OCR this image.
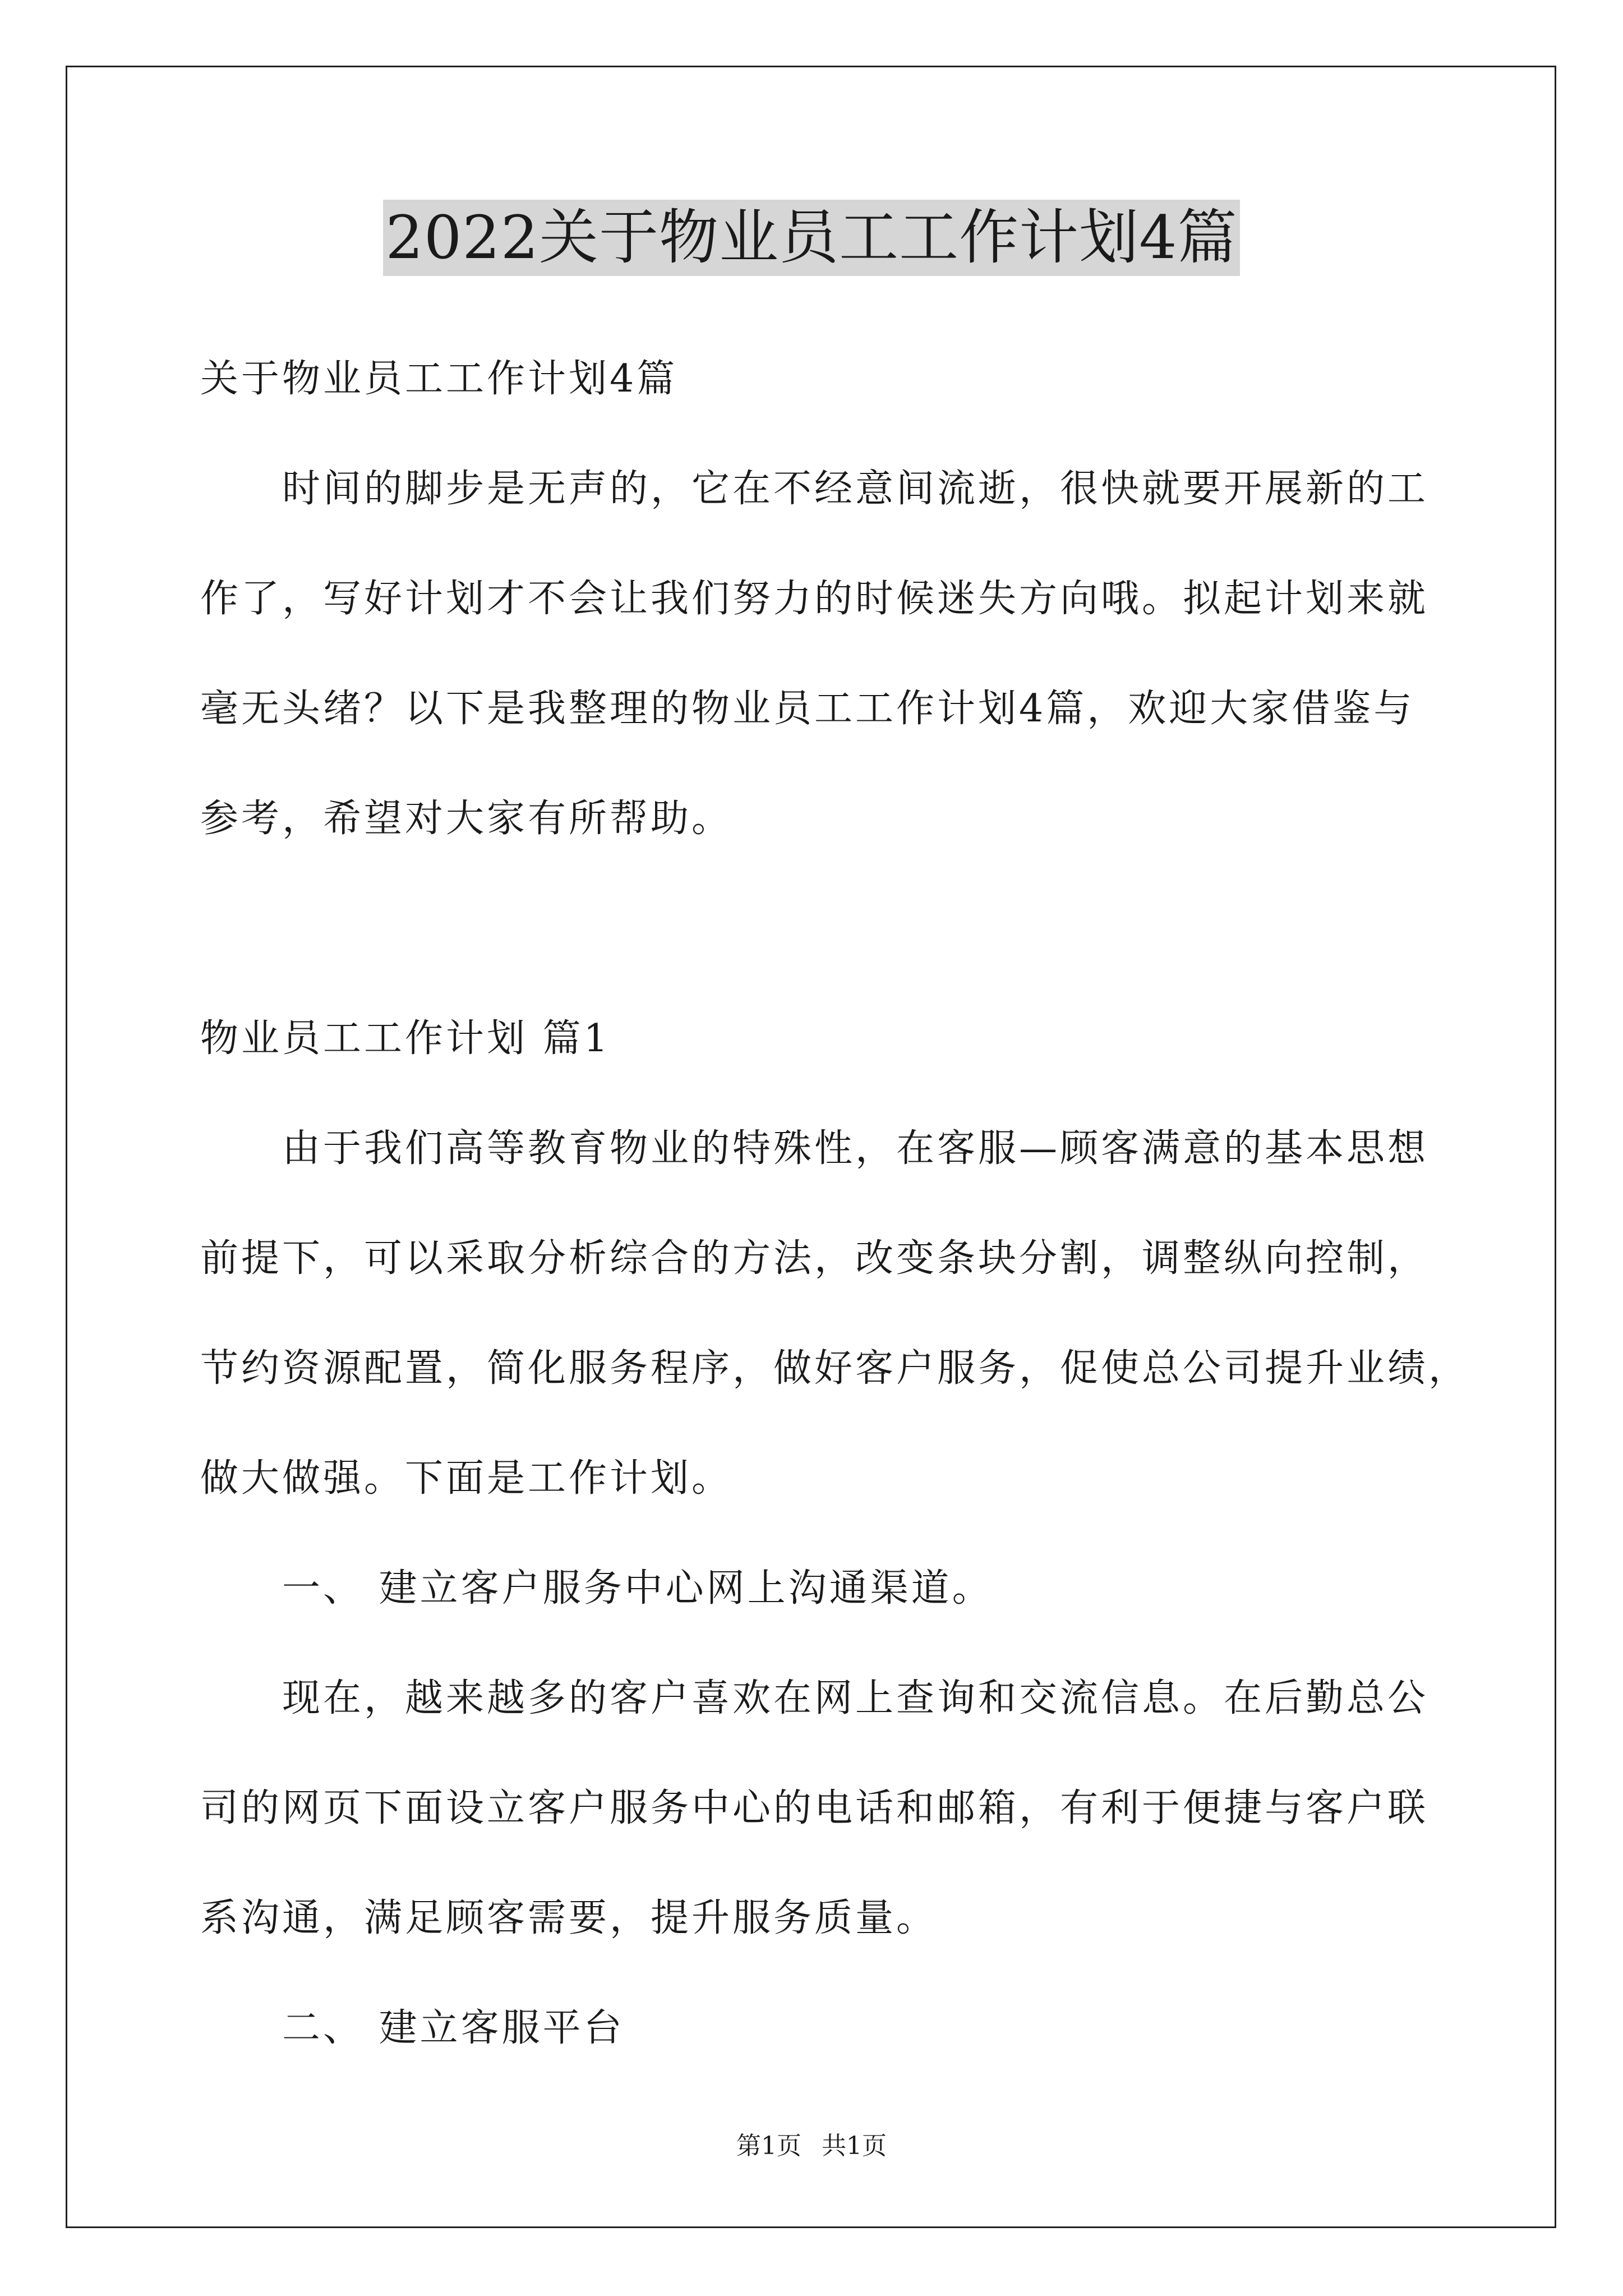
2022关于物业员工工作计划4篇
关于物业员工工作计划4篇
时间的脚步是无声的，它在不经意间流逝，很快就要开展新的工
作了，写好计划才不会让我们努力的时候迷失方向哦。拟起计划来就
毫无头绪？以下是我整理的物业员工工作计划4篇，欢迎大家借鉴与
参考，希望对大家有所帮助。
物业员工工作计划 篇1
由于我们高等教育物业的特殊性，在客服—顾客满意的基本思想
前提下，可以采取分析综合的方法，改变条块分割，调整纵向控制，
节约资源配置，简化服务程序，做好客户服务，促使总公司提升业绩，
做大做强。下面是工作计划。
一、 建立客户服务中心网上沟通渠道。
现在，越来越多的客户喜欢在网上查询和交流信息。在后勤总公
司的网页下面设立客户服务中心的电话和邮箱，有利于便捷与客户联
系沟通，满足顾客需要，提升服务质量。
二、 建立客服平台
第1页 共1页
